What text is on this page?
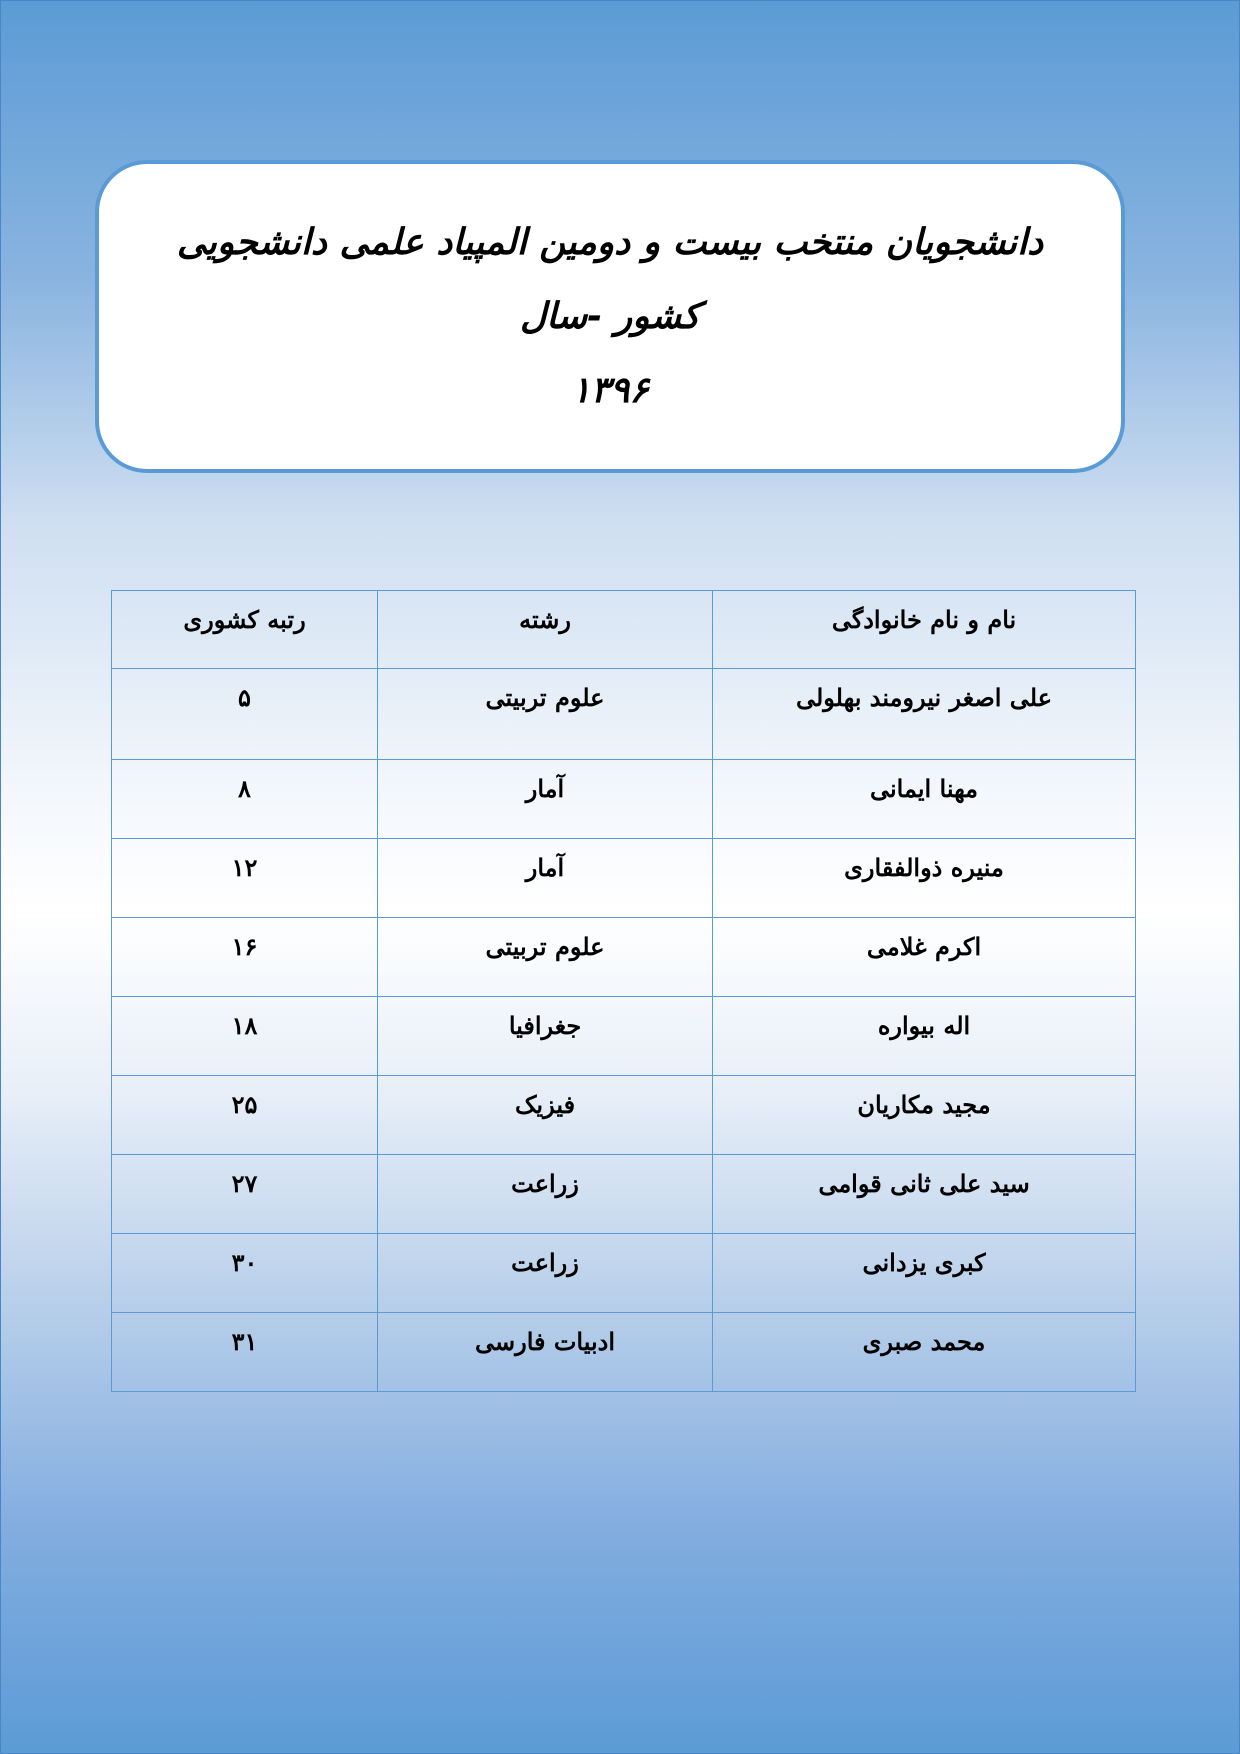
دانشجویان منتخب بیست و دومین المپیاد علمی دانشجویی کشور -سال
۱۳۹۶
نام و نام خانوادگی	رشته	رتبه کشوری
علی اصغر نیرومند بهلولی	علوم تربیتی	۵
مهنا ایمانی	آمار	۸
منیره ذوالفقاری	آمار	۱۲
اکرم غلامی	علوم تربیتی	۱۶
اله بیواره	جغرافیا	۱۸
مجید مکاریان	فیزیک	۲۵
سید علی ثانی قوامی	زراعت	۲۷
کبری یزدانی	زراعت	۳۰
محمد صبری	ادبیات فارسی	۳۱
